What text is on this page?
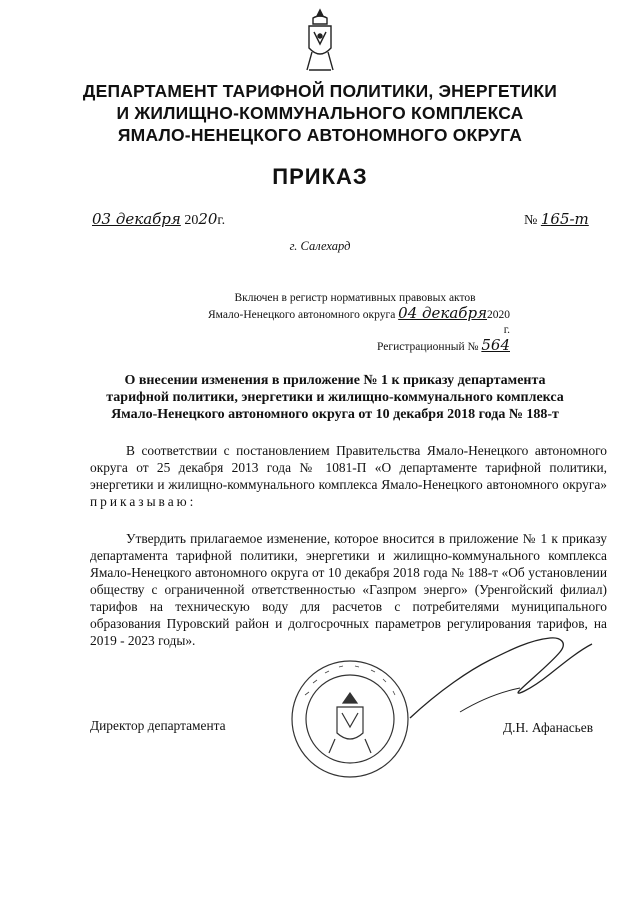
ДЕПАРТАМЕНТ ТАРИФНОЙ ПОЛИТИКИ, ЭНЕРГЕТИКИ
И ЖИЛИЩНО-КОММУНАЛЬНОГО КОМПЛЕКСА
ЯМАЛО-НЕНЕЦКОГО АВТОНОМНОГО ОКРУГА
ПРИКАЗ
03 декабря 2020г.	№ 165-т
г. Салехард
Включен в регистр нормативных правовых актов
Ямало-Ненецкого автономного округа 04 декабря2020 г.
Регистрационный № 564
О внесении изменения в приложение № 1 к приказу департамента
тарифной политики, энергетики и жилищно-коммунального комплекса
Ямало-Ненецкого автономного округа от 10 декабря 2018 года № 188-т
В соответствии с постановлением Правительства Ямало-Ненецкого автономного округа от 25 декабря 2013 года № 1081-П «О департаменте тарифной политики, энергетики и жилищно-коммунального комплекса Ямало-Ненецкого автономного округа» приказываю:
Утвердить прилагаемое изменение, которое вносится в приложение № 1 к приказу департамента тарифной политики, энергетики и жилищно-коммунального комплекса Ямало-Ненецкого автономного округа от 10 декабря 2018 года № 188-т «Об установлении обществу с ограниченной ответственностью «Газпром энерго» (Уренгойский филиал) тарифов на техническую воду для расчетов с потребителями муниципального образования Пуровский район и долгосрочных параметров регулирования тарифов, на 2019 - 2023 годы».
Директор департамента	Д.Н. Афанасьев
